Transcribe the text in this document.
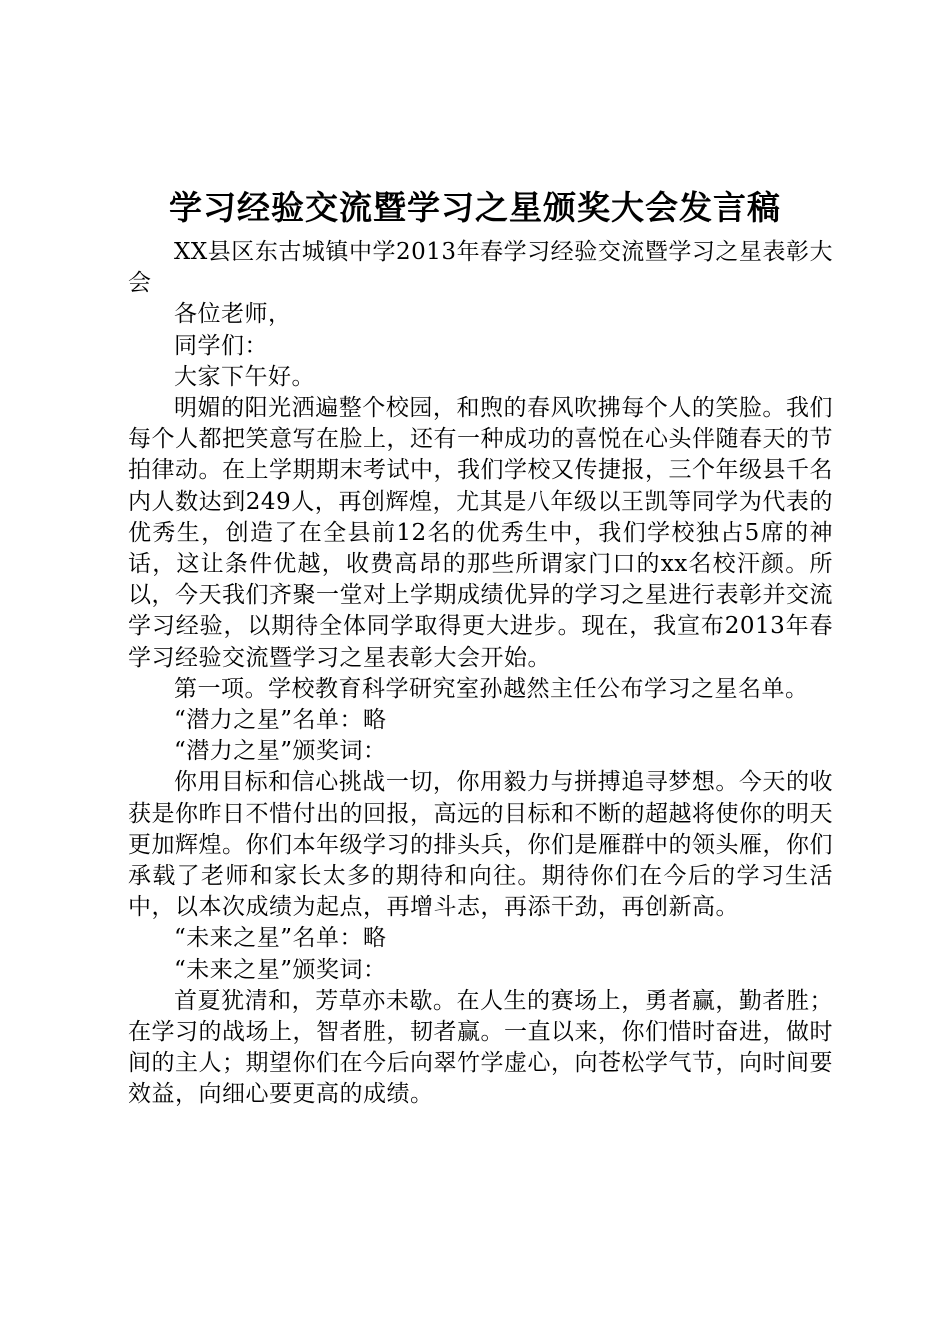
学习经验交流暨学习之星颁奖大会发言稿

XX县区东古城镇中学2013年春学习经验交流暨学习之星表彰大会

各位老师，

同学们：

大家下午好。

明媚的阳光洒遍整个校园，和煦的春风吹拂每个人的笑脸。我们每个人都把笑意写在脸上，还有一种成功的喜悦在心头伴随春天的节拍律动。在上学期期末考试中，我们学校又传捷报，三个年级县千名内人数达到249人，再创辉煌，尤其是八年级以王凯等同学为代表的优秀生，创造了在全县前12名的优秀生中，我们学校独占5席的神话，这让条件优越，收费高昂的那些所谓家门口的xx名校汗颜。所以，今天我们齐聚一堂对上学期成绩优异的学习之星进行表彰并交流学习经验，以期待全体同学取得更大进步。现在，我宣布2013年春学习经验交流暨学习之星表彰大会开始。

第一项。学校教育科学研究室孙越然主任公布学习之星名单。

“潜力之星”名单：略

“潜力之星”颁奖词：

你用目标和信心挑战一切，你用毅力与拼搏追寻梦想。今天的收获是你昨日不惜付出的回报，高远的目标和不断的超越将使你的明天更加辉煌。你们本年级学习的排头兵，你们是雁群中的领头雁，你们承载了老师和家长太多的期待和向往。期待你们在今后的学习生活中，以本次成绩为起点，再增斗志，再添干劲，再创新高。

“未来之星”名单：略

“未来之星”颁奖词：

首夏犹清和，芳草亦未歇。在人生的赛场上，勇者赢，勤者胜；在学习的战场上，智者胜，韧者赢。一直以来，你们惜时奋进，做时间的主人；期望你们在今后向翠竹学虚心，向苍松学气节，向时间要效益，向细心要更高的成绩。
